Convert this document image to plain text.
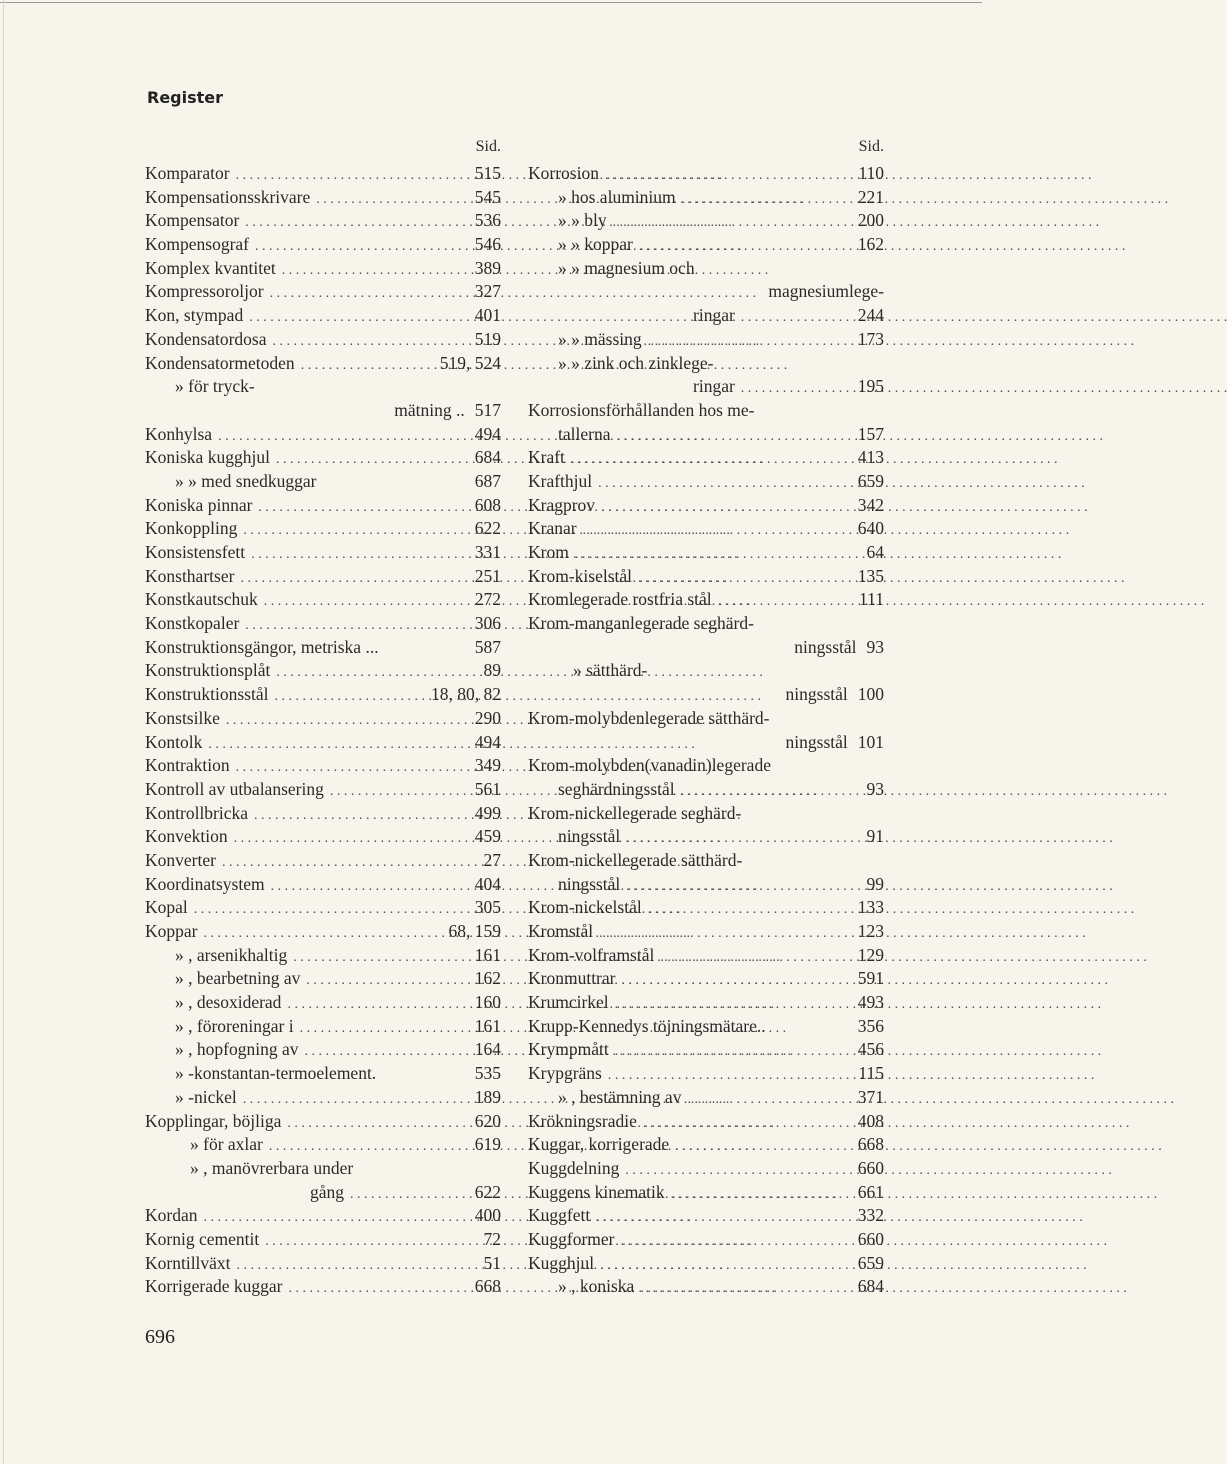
Register
Sid.
Komparator . . .	515
Kompensationsskrivare . . .	545
Kompensator . . .	536
Kompensograf . . .	546
Komplex kvantitet . . .	389
Kompressoroljor . . .	327
Kon, stympad . . .	401
Kondensatordosa . . .	519
Kondensatormetoden . . .	519, 524
» för tryck-
mätning .. 517
Konhylsa . . .	494
Koniska kugghjul . . .	684
» » med snedkuggar	687
Koniska pinnar . . .	608
Konkoppling . . .	622
Konsistensfett . . .	331
Konsthartser . . .	251
Konstkautschuk . . .	272
Konstkopaler . . .	306
Konstruktionsgängor, metriska ...	587
Konstruktionsplåt . . .	89
Konstruktionsstål . . .	18, 80, 82
Konstsilke . . .	290
Kontolk . . .	494
Kontraktion . . .	349
Kontroll av utbalansering . . .	561
Kontrollbricka . . .	499
Konvektion . . .	459
Konverter . . .	27
Koordinatsystem . . .	404
Kopal . . .	305
Koppar . . .	68, 159
» , arsenikhaltig . . .	161
» , bearbetning av . . .	162
» , desoxiderad . . .	160
» , föroreningar i . . .	161
» , hopfogning av . . .	164
» -konstantan-termoelement.	535
» -nickel . . .	189
Kopplingar, böjliga . . .	620
» för axlar . . .	619
» , manövrerbara under
gång . . .	622
Kordan . . .	400
Kornig cementit . . .	72
Korntillväxt . . .	51
Korrigerade kuggar . . .	668
Sid.
Korrosion . . .	110
» hos aluminium . . .	221
» » bly . . .	200
» » koppar . . .	162
» » magnesium och
magnesiumlege-
ringar . . .	244
» » mässing . . .	173
» » zink och zinklege-
ringar . . .	195
Korrosionsförhållanden hos me-
tallerna . . .	157
Kraft . . .	413
Krafthjul . . .	659
Kragprov . . .	342
Kranar . . .	640
Krom . . .	64
Krom-kiselstål . . .	135
Kromlegerade rostfria stål . . .	111
Krom-manganlegerade seghärd-
ningsstål 93
» sätthärd-
ningsstål 100
Krom-molybdenlegerade sätthärd-
ningsstål 101
Krom-molybden(vanadin)legerade
seghärdningsstål . . .	93
Krom-nickellegerade seghärd-
ningsstål . . .	91
Krom-nickellegerade sätthärd-
ningsstål . . .	99
Krom-nickelstål . . .	133
Kromstål . . .	123
Krom-volframstål . . .	129
Kronmuttrar . . .	591
Krumcirkel . . .	493
Krupp-Kennedys töjningsmätare..	356
Krympmått . . .	456
Krypgräns . . .	115
» , bestämning av . . .	371
Krökningsradie . . .	408
Kuggar, korrigerade . . .	668
Kuggdelning . . .	660
Kuggens kinematik . . .	661
Kuggfett . . .	332
Kuggformer . . .	660
Kugghjul . . .	659
» , koniska . . .	684
696
